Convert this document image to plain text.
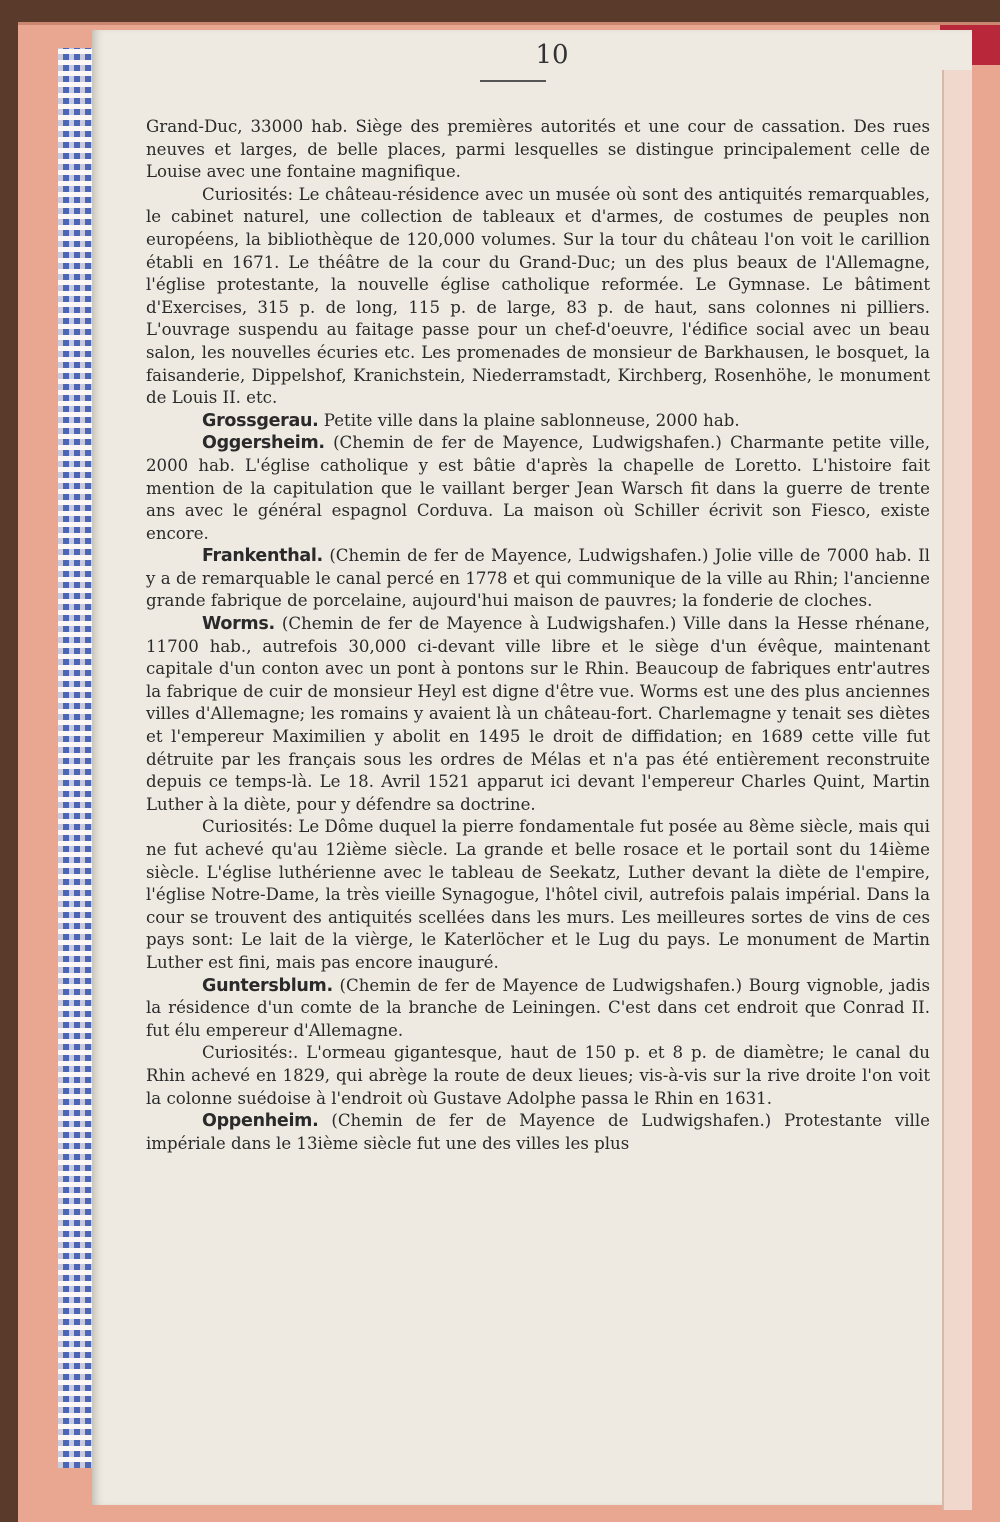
10

Grand-Duc, 33000 hab. Siège des premières autorités et une cour de cassation. Des rues neuves et larges, de belle places, parmi lesquelles se distingue principalement celle de Louise avec une fontaine magnifique.

Curiosités: Le château-résidence avec un musée où sont des antiquités remarquables, le cabinet naturel, une collection de tableaux et d'armes, de costumes de peuples non européens, la bibliothèque de 120,000 volumes. Sur la tour du château l'on voit le carillion établi en 1671. Le théâtre de la cour du Grand-Duc; un des plus beaux de l'Allemagne, l'église protestante, la nouvelle église catholique reformée. Le Gymnase. Le bâtiment d'Exercises, 315 p. de long, 115 p. de large, 83 p. de haut, sans colonnes ni pilliers. L'ouvrage suspendu au faitage passe pour un chef-d'oeuvre, l'édifice social avec un beau salon, les nouvelles écuries etc. Les promenades de monsieur de Barkhausen, le bosquet, la faisanderie, Dippelshof, Kranichstein, Niederramstadt, Kirchberg, Rosenhöhe, le monument de Louis II. etc.

Grossgerau. Petite ville dans la plaine sablonneuse, 2000 hab.

Oggersheim. (Chemin de fer de Mayence, Ludwigshafen.) Charmante petite ville, 2000 hab. L'église catholique y est bâtie d'après la chapelle de Loretto. L'histoire fait mention de la capitulation que le vaillant berger Jean Warsch fit dans la guerre de trente ans avec le général espagnol Corduva. La maison où Schiller écrivit son Fiesco, existe encore.

Frankenthal. (Chemin de fer de Mayence, Ludwigshafen.) Jolie ville de 7000 hab. Il y a de remarquable le canal percé en 1778 et qui communique de la ville au Rhin; l'ancienne grande fabrique de porcelaine, aujourd'hui maison de pauvres; la fonderie de cloches.

Worms. (Chemin de fer de Mayence à Ludwigshafen.) Ville dans la Hesse rhénane, 11700 hab., autrefois 30,000 ci-devant ville libre et le siège d'un évêque, maintenant capitale d'un conton avec un pont à pontons sur le Rhin. Beaucoup de fabriques entr'autres la fabrique de cuir de monsieur Heyl est digne d'être vue. Worms est une des plus anciennes villes d'Allemagne; les romains y avaient là un château-fort. Charlemagne y tenait ses diètes et l'empereur Maximilien y abolit en 1495 le droit de diffidation; en 1689 cette ville fut détruite par les français sous les ordres de Mélas et n'a pas été entièrement reconstruite depuis ce temps-là. Le 18. Avril 1521 apparut ici devant l'empereur Charles Quint, Martin Luther à la diète, pour y défendre sa doctrine.

Curiosités: Le Dôme duquel la pierre fondamentale fut posée au 8ème siècle, mais qui ne fut achevé qu'au 12ième siècle. La grande et belle rosace et le portail sont du 14ième siècle. L'église luthérienne avec le tableau de Seekatz, Luther devant la diète de l'empire, l'église Notre-Dame, la très vieille Synagogue, l'hôtel civil, autrefois palais impérial. Dans la cour se trouvent des antiquités scellées dans les murs. Les meilleures sortes de vins de ces pays sont: Le lait de la vièrge, le Katerlöcher et le Lug du pays. Le monument de Martin Luther est fini, mais pas encore inauguré.

Guntersblum. (Chemin de fer de Mayence de Ludwigshafen.) Bourg vignoble, jadis la résidence d'un comte de la branche de Leiningen. C'est dans cet endroit que Conrad II. fut élu empereur d'Allemagne.

Curiosités:. L'ormeau gigantesque, haut de 150 p. et 8 p. de diamètre; le canal du Rhin achevé en 1829, qui abrège la route de deux lieues; vis-à-vis sur la rive droite l'on voit la colonne suédoise à l'endroit où Gustave Adolphe passa le Rhin en 1631.

Oppenheim. (Chemin de fer de Mayence de Ludwigshafen.) Protestante ville impériale dans le 13ième siècle fut une des villes les plus
